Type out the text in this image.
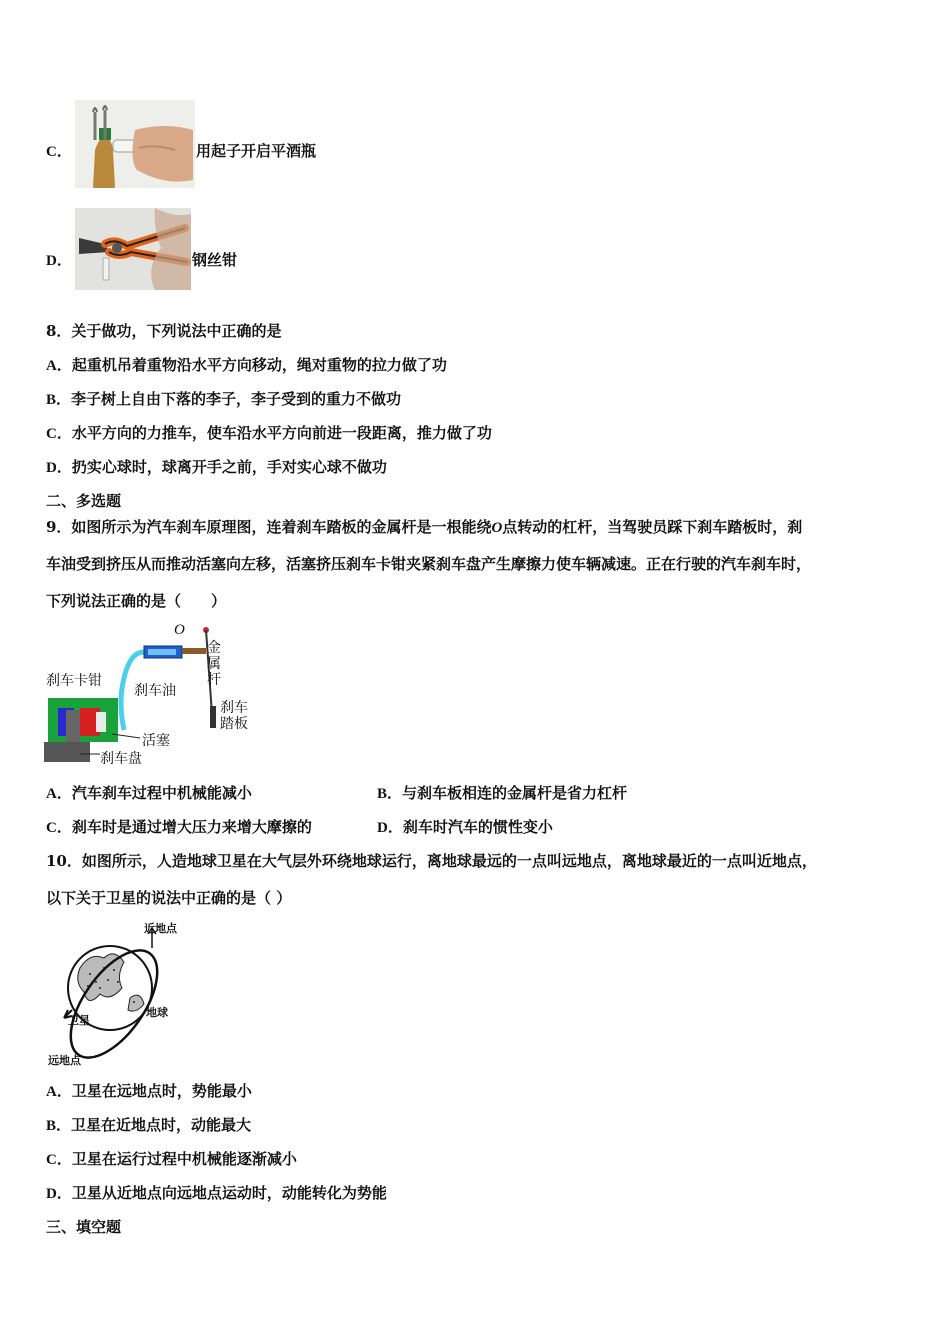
C．	用起子开启平酒瓶
D．	钢丝钳
8．关于做功，下列说法中正确的是
A．起重机吊着重物沿水平方向移动，绳对重物的拉力做了功
B．李子树上自由下落的李子，李子受到的重力不做功
C．水平方向的力推车，使车沿水平方向前进一段距离，推力做了功
D．扔实心球时，球离开手之前，手对实心球不做功
二、多选题
9．如图所示为汽车刹车原理图，连着刹车踏板的金属杆是一根能绕O点转动的杠杆，当驾驶员踩下刹车踏板时，刹
车油受到挤压从而推动活塞向左移，活塞挤压刹车卡钳夹紧刹车盘产生摩擦力使车辆减速。正在行驶的汽车刹车时，
下列说法正确的是（　　）
O
金
属
杆
刹车卡钳
刹车油
刹车
踏板
活塞
刹车盘
A．汽车刹车过程中机械能减小	B．与刹车板相连的金属杆是省力杠杆
C．刹车时是通过增大压力来增大摩擦的	D．刹车时汽车的惯性变小
10．如图所示，人造地球卫星在大气层外环绕地球运行，离地球最远的一点叫远地点，离地球最近的一点叫近地点，
以下关于卫星的说法中正确的是（ ）
近地点
远地点
卫星
地球
A．卫星在远地点时，势能最小
B．卫星在近地点时，动能最大
C．卫星在运行过程中机械能逐渐减小
D．卫星从近地点向远地点运动时，动能转化为势能
三、填空题
